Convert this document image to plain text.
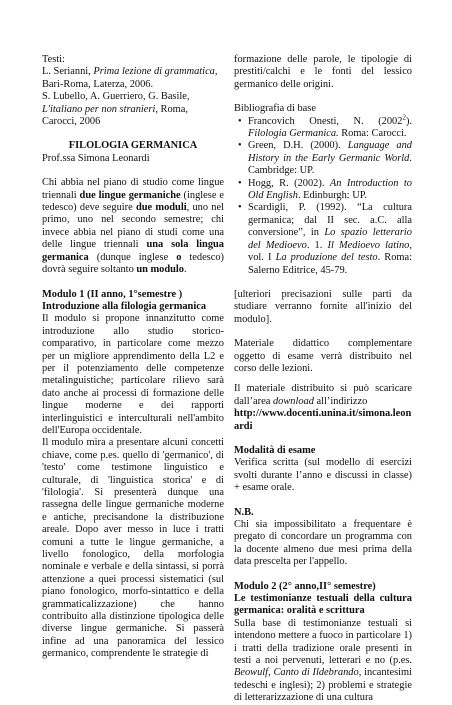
Testi:

L. Serianni, Prima lezione di grammatica, Bari-Roma, Laterza, 2006.

S. Lubello, A. Guerriero, G. Basile, L'italiano per non stranieri, Roma, Carocci, 2006

FILOLOGIA GERMANICA

Prof.ssa Simona Leonardi

Chi abbia nel piano di studio come lingue triennali due lingue germaniche (inglese e tedesco) deve seguire due moduli, uno nel primo, uno nel secondo semestre; chi invece abbia nel piano di studi come una delle lingue triennali una sola lingua germanica (dunque inglese o tedesco) dovrà seguire soltanto un modulo.

Modulo 1 (II anno, 1°semestre )

Introduzione alla filologia germanica

Il modulo si propone innanzitutto come introduzione allo studio storico-comparativo, in particolare come mezzo per un migliore apprendimento della L2 e per il potenziamento delle competenze metalinguistiche; particolare rilievo sarà dato anche ai processi di formazione delle lingue moderne e dei rapporti interlinguistici e interculturali nell'ambito dell'Europa occidentale.

Il modulo mira a presentare alcuni concetti chiave, come p.es. quello di 'germanico', di 'testo' come testimone linguistico e culturale, di 'linguistica storica' e di 'filologia'. Si presenterà dunque una rassegna delle lingue germaniche moderne e antiche, precisandone la distribuzione areale. Dopo aver messo in luce i tratti comuni a tutte le lingue germaniche, a livello fonologico, della morfologia nominale e verbale e della sintassi, si porrà attenzione a quei processi sistematici (sul piano fonologico, morfo-sintattico e della grammaticalizzazione) che hanno contribuito alla distinzione tipologica delle diverse lingue germaniche. Si passerà infine ad una panoramica del lessico germanico, comprendente le strategie di

formazione delle parole, le tipologie di prestiti/calchi e le fonti del lessico germanico delle origini.

Bibliografia di base

• Francovich Onesti, N. (2002$^2$). Filologia Germanica. Roma: Carocci.
• Green, D.H. (2000). Language and History in the Early Germanic World. Cambridge: UP.
• Hogg, R. (2002). An Introduction to Old English. Edinburgh: UP.
• Scardigli, P. (1992). “La cultura germanica; dal II sec. a.C. alla conversione”, in Lo spazio letterario del Medioevo. 1. Il Medioevo latino, vol. I La produzione del testo. Roma: Salerno Editrice, 45-79.

[ulteriori precisazioni sulle parti da studiare verranno fornite all'inizio del modulo].

Materiale didattico complementare oggetto di esame verrà distribuito nel corso delle lezioni.

Il materiale distribuito si può scaricare dall’area download all’indirizzo

http://www.docenti.unina.it/simona.leonardi

Modalità di esame

Verifica scritta (sul modello di esercizi svolti durante l’anno e discussi in classe) + esame orale.

N.B.

Chi sia impossibilitato a frequentare è pregato di concordare un programma con la docente almeno due mesi prima della data prescelta per l'appello.

Modulo 2 (2° anno,II° semestre)

Le testimonianze testuali della cultura germanica: oralità e scrittura

Sulla base di testimonianze testuali si intendono mettere a fuoco in particolare 1) i tratti della tradizione orale presenti in testi a noi pervenuti, letterari e no (p.es. Beowulf, Canto di Ildebrando, incantesimi tedeschi e inglesi); 2) problemi e strategie di letterarizzazione di una cultura
